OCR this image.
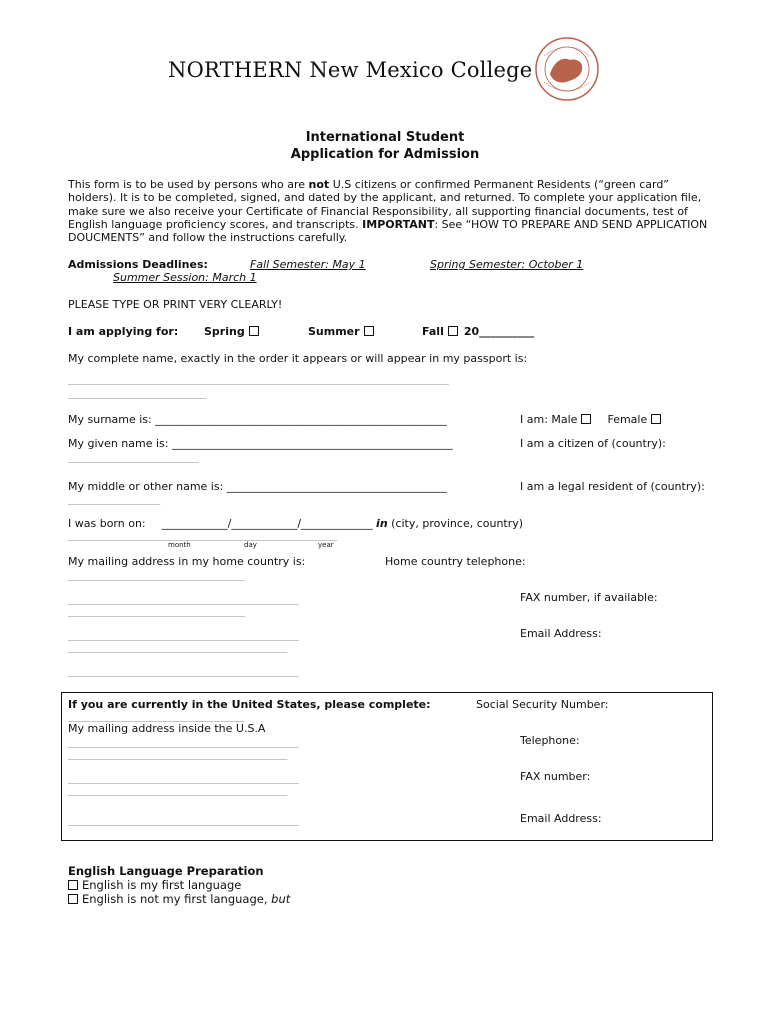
NORTHERN New Mexico College
International Student
Application for Admission
This form is to be used by persons who are not U.S citizens or confirmed Permanent Residents (“green card” holders). It is to be completed, signed, and dated by the applicant, and returned. To complete your application file, make sure we also receive your Certificate of Financial Responsibility, all supporting financial documents, test of English language proficiency scores, and transcripts. IMPORTANT: See “HOW TO PREPARE AND SEND APPLICATION DOUCMENTS” and follow the instructions carefully.
Admissions Deadlines:	Fall Semester: May 1	Spring Semester: October 1
Summer Session: March 1
PLEASE TYPE OR PRINT VERY CLEARLY!
I am applying for: Spring	Summer	Fall 20__________
My complete name, exactly in the order it appears or will appear in my passport is:
___________________________________________________________________________________________________
____________________________________
My surname is: _____________________________________________________	I am: Male	Female
My given name is: ___________________________________________________	I am a citizen of (country):
__________________________________
My middle or other name is: ________________________________________	I am a legal resident of (country):
________________________
I was born on: ____________/____________/_____________ in (city, province, country)
______________________________________________________________________
month	day	year
My mailing address in my home country is:	Home country telephone:
______________________________________________
____________________________________________________________	FAX number, if available:
______________________________________________
____________________________________________________________	Email Address:
_________________________________________________________
____________________________________________________________
If you are currently in the United States, please complete:	Social Security Number:
______________________________________________
My mailing address inside the U.S.A
____________________________________________________________	Telephone:
_________________________________________________________
____________________________________________________________	FAX number:
_________________________________________________________
____________________________________________________________	Email Address:
English Language Preparation
English is my first language
English is not my first language, but
